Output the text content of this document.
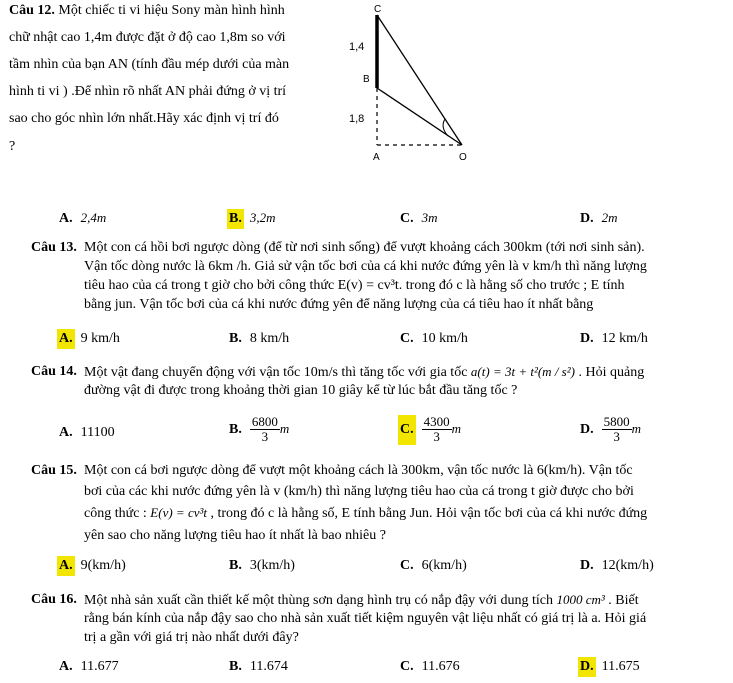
Câu 12. Một chiếc ti vi hiệu Sony màn hình hình
chữ nhật cao 1,4m được đặt ở độ cao 1,8m so với
tầm nhìn của bạn AN (tính đầu mép dưới của màn
hình ti vi ) .Để nhìn rõ nhất AN phải đứng ở vị trí
sao cho góc nhìn lớn nhất.Hãy xác định vị trí đó
?
C
1,4
B
1,8
A	O
A. 2,4m	B. 3,2m	C. 3m	D. 2m
Câu 13. Một con cá hồi bơi ngược dòng (để từ nơi sinh sống) để vượt khoảng cách 300km (tới nơi sinh sản).
Vận tốc dòng nước là 6km /h. Giả sử vận tốc bơi của cá khi nước đứng yên là v km/h thì năng lượng
tiêu hao của cá trong t giờ cho bởi công thức E(v) = cv³t. trong đó c là hằng số cho trước ; E tính
bằng jun. Vận tốc bơi của cá khi nước đứng yên để năng lượng của cá tiêu hao ít nhất bằng
A. 9 km/h	B. 8 km/h	C. 10 km/h	D. 12 km/h
Câu 14. Một vật đang chuyển động với vận tốc 10m/s thì tăng tốc với gia tốc a(t) = 3t + t²(m / s²) . Hỏi quảng
đường vật đi được trong khoảng thời gian 10 giây kể từ lúc bắt đầu tăng tốc ?
A. 11100	B. $\frac{6800}{3}$ m	C. $\frac{4300}{3}$ m	D. $\frac{5800}{3}$ m
Câu 15. Một con cá bơi ngược dòng để vượt một khoảng cách là 300km, vận tốc nước là 6(km/h). Vận tốc
bơi của các khi nước đứng yên là v (km/h) thì năng lượng tiêu hao của cá trong t giờ được cho bởi
công thức : E(v) = cv³t , trong đó c là hằng số, E tính bằng Jun. Hỏi vận tốc bơi của cá khi nước đứng
yên sao cho năng lượng tiêu hao ít nhất là bao nhiêu ?
A. 9(km/h)	B. 3(km/h)	C. 6(km/h)	D. 12(km/h)
Câu 16. Một nhà sản xuất cần thiết kế một thùng sơn dạng hình trụ có nắp đậy với dung tích 1000 cm³ . Biết
rằng bán kính của nắp đậy sao cho nhà sản xuất tiết kiệm nguyên vật liệu nhất có giá trị là a. Hỏi giá
trị a gần với giá trị nào nhất dưới đây?
A. 11.677	B. 11.674	C. 11.676	D. 11.675
